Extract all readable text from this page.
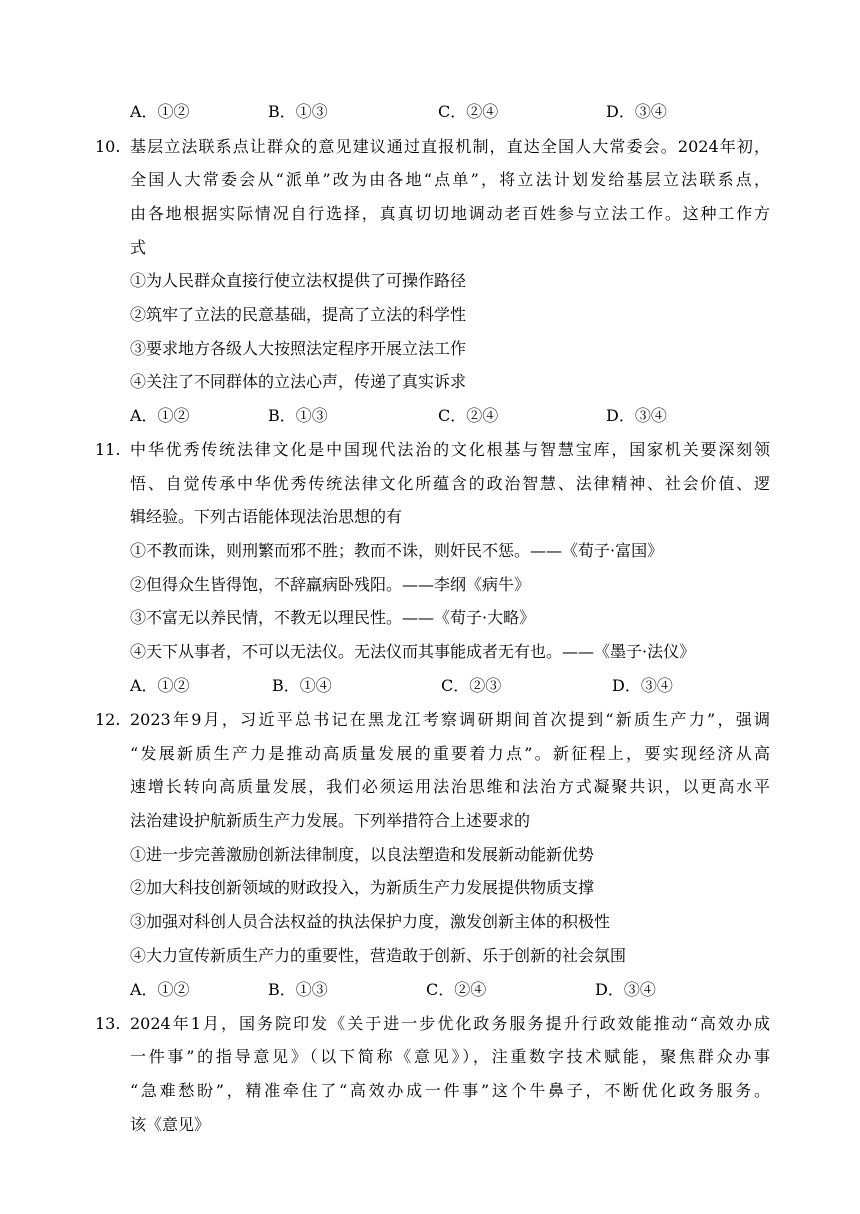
A．①②	B．①③	C．②④	D．③④
10. 基层立法联系点让群众的意见建议通过直报机制，直达全国人大常委会。2024年初，
全国人大常委会从“派单”改为由各地“点单”，将立法计划发给基层立法联系点，
由各地根据实际情况自行选择，真真切切地调动老百姓参与立法工作。这种工作方
式
①为人民群众直接行使立法权提供了可操作路径
②筑牢了立法的民意基础，提高了立法的科学性
③要求地方各级人大按照法定程序开展立法工作
④关注了不同群体的立法心声，传递了真实诉求
A．①②	B．①③	C．②④	D．③④
11. 中华优秀传统法律文化是中国现代法治的文化根基与智慧宝库，国家机关要深刻领
悟、自觉传承中华优秀传统法律文化所蕴含的政治智慧、法律精神、社会价值、逻
辑经验。下列古语能体现法治思想的有
①不教而诛，则刑繁而邪不胜；教而不诛，则奸民不惩。——《荀子·富国》
②但得众生皆得饱，不辞羸病卧残阳。——李纲《病牛》
③不富无以养民情，不教无以理民性。——《荀子·大略》
④天下从事者，不可以无法仪。无法仪而其事能成者无有也。——《墨子·法仪》
A．①②	B．①④	C．②③	D．③④
12. 2023年9月，习近平总书记在黑龙江考察调研期间首次提到“新质生产力”，强调
“发展新质生产力是推动高质量发展的重要着力点”。新征程上，要实现经济从高
速增长转向高质量发展，我们必须运用法治思维和法治方式凝聚共识，以更高水平
法治建设护航新质生产力发展。下列举措符合上述要求的
①进一步完善激励创新法律制度，以良法塑造和发展新动能新优势
②加大科技创新领域的财政投入，为新质生产力发展提供物质支撑
③加强对科创人员合法权益的执法保护力度，激发创新主体的积极性
④大力宣传新质生产力的重要性，营造敢于创新、乐于创新的社会氛围
A．①②	B．①③	C．②④	D．③④
13. 2024年1月，国务院印发《关于进一步优化政务服务提升行政效能推动“高效办成
一件事”的指导意见》（以下简称《意见》），注重数字技术赋能，聚焦群众办事
“急难愁盼”，精准牵住了“高效办成一件事”这个牛鼻子，不断优化政务服务。
该《意见》
